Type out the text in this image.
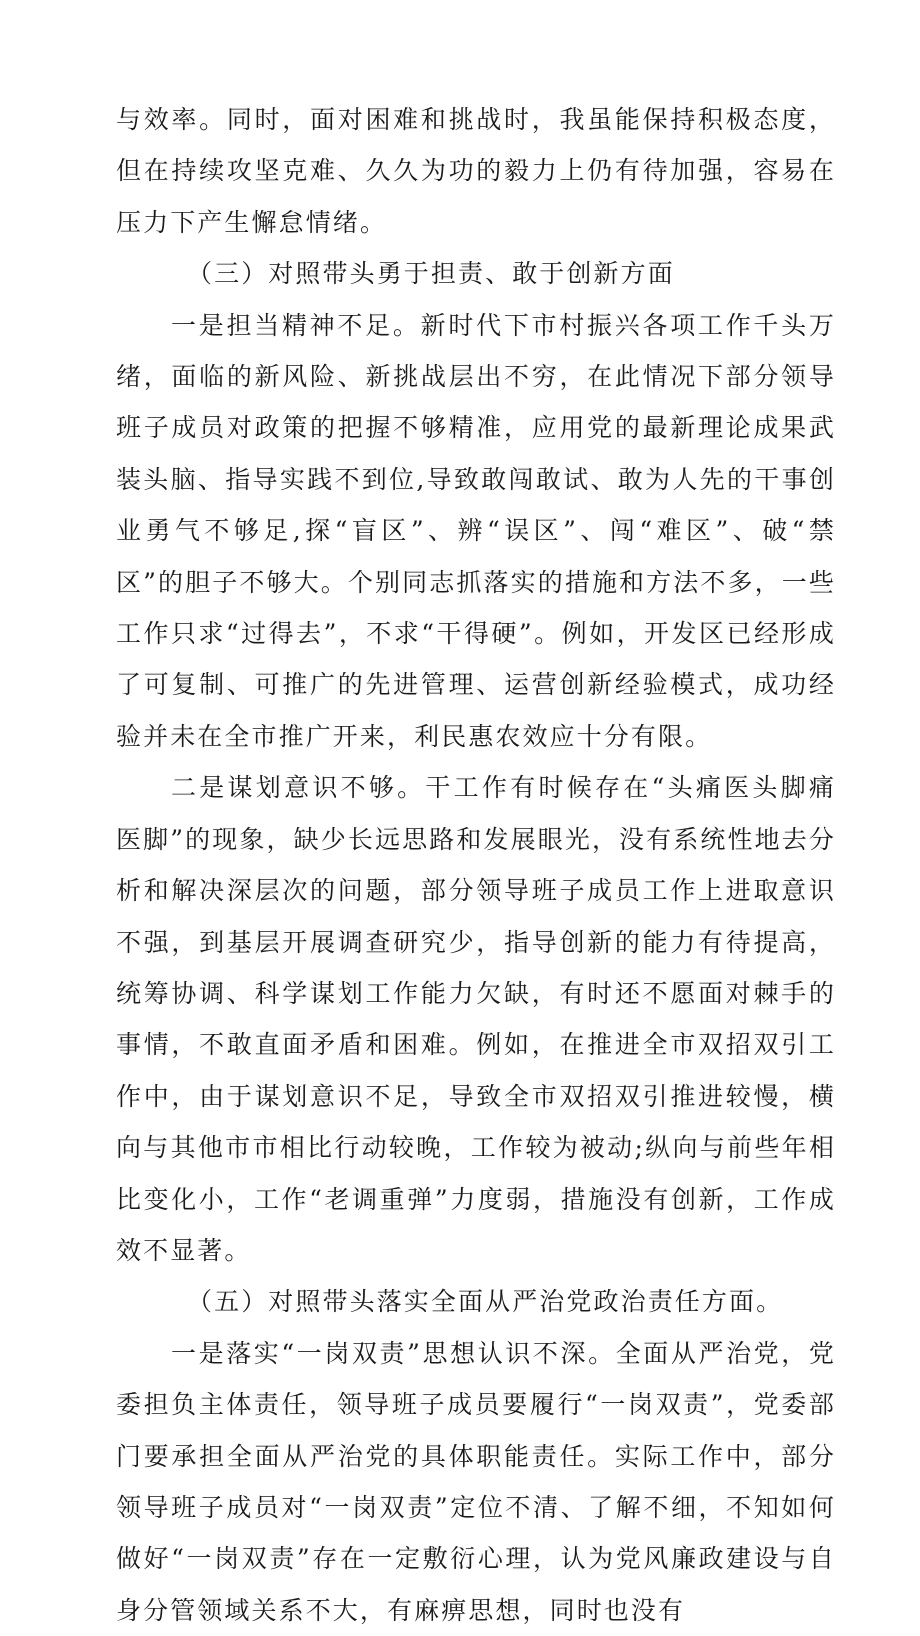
与效率。同时，面对困难和挑战时，我虽能保持积极态度，但在持续攻坚克难、久久为功的毅力上仍有待加强，容易在压力下产生懈怠情绪。

（三）对照带头勇于担责、敢于创新方面

一是担当精神不足。新时代下市村振兴各项工作千头万绪，面临的新风险、新挑战层出不穷，在此情况下部分领导班子成员对政策的把握不够精准，应用党的最新理论成果武装头脑、指导实践不到位,导致敢闯敢试、敢为人先的干事创业勇气不够足,探“盲区”、辨“误区”、闯“难区”、破“禁区”的胆子不够大。个别同志抓落实的措施和方法不多，一些工作只求“过得去”，不求“干得硬”。例如，开发区已经形成了可复制、可推广的先进管理、运营创新经验模式，成功经验并未在全市推广开来，利民惠农效应十分有限。

二是谋划意识不够。干工作有时候存在“头痛医头脚痛医脚”的现象，缺少长远思路和发展眼光，没有系统性地去分析和解决深层次的问题，部分领导班子成员工作上进取意识不强，到基层开展调查研究少，指导创新的能力有待提高，统筹协调、科学谋划工作能力欠缺，有时还不愿面对棘手的事情，不敢直面矛盾和困难。例如，在推进全市双招双引工作中，由于谋划意识不足，导致全市双招双引推进较慢，横向与其他市市相比行动较晚，工作较为被动;纵向与前些年相比变化小，工作“老调重弹”力度弱，措施没有创新，工作成效不显著。

（五）对照带头落实全面从严治党政治责任方面。

一是落实“一岗双责”思想认识不深。全面从严治党，党委担负主体责任，领导班子成员要履行“一岗双责”，党委部门要承担全面从严治党的具体职能责任。实际工作中，部分领导班子成员对“一岗双责”定位不清、了解不细，不知如何做好“一岗双责”存在一定敷衍心理，认为党风廉政建设与自身分管领域关系不大，有麻痹思想，同时也没有
